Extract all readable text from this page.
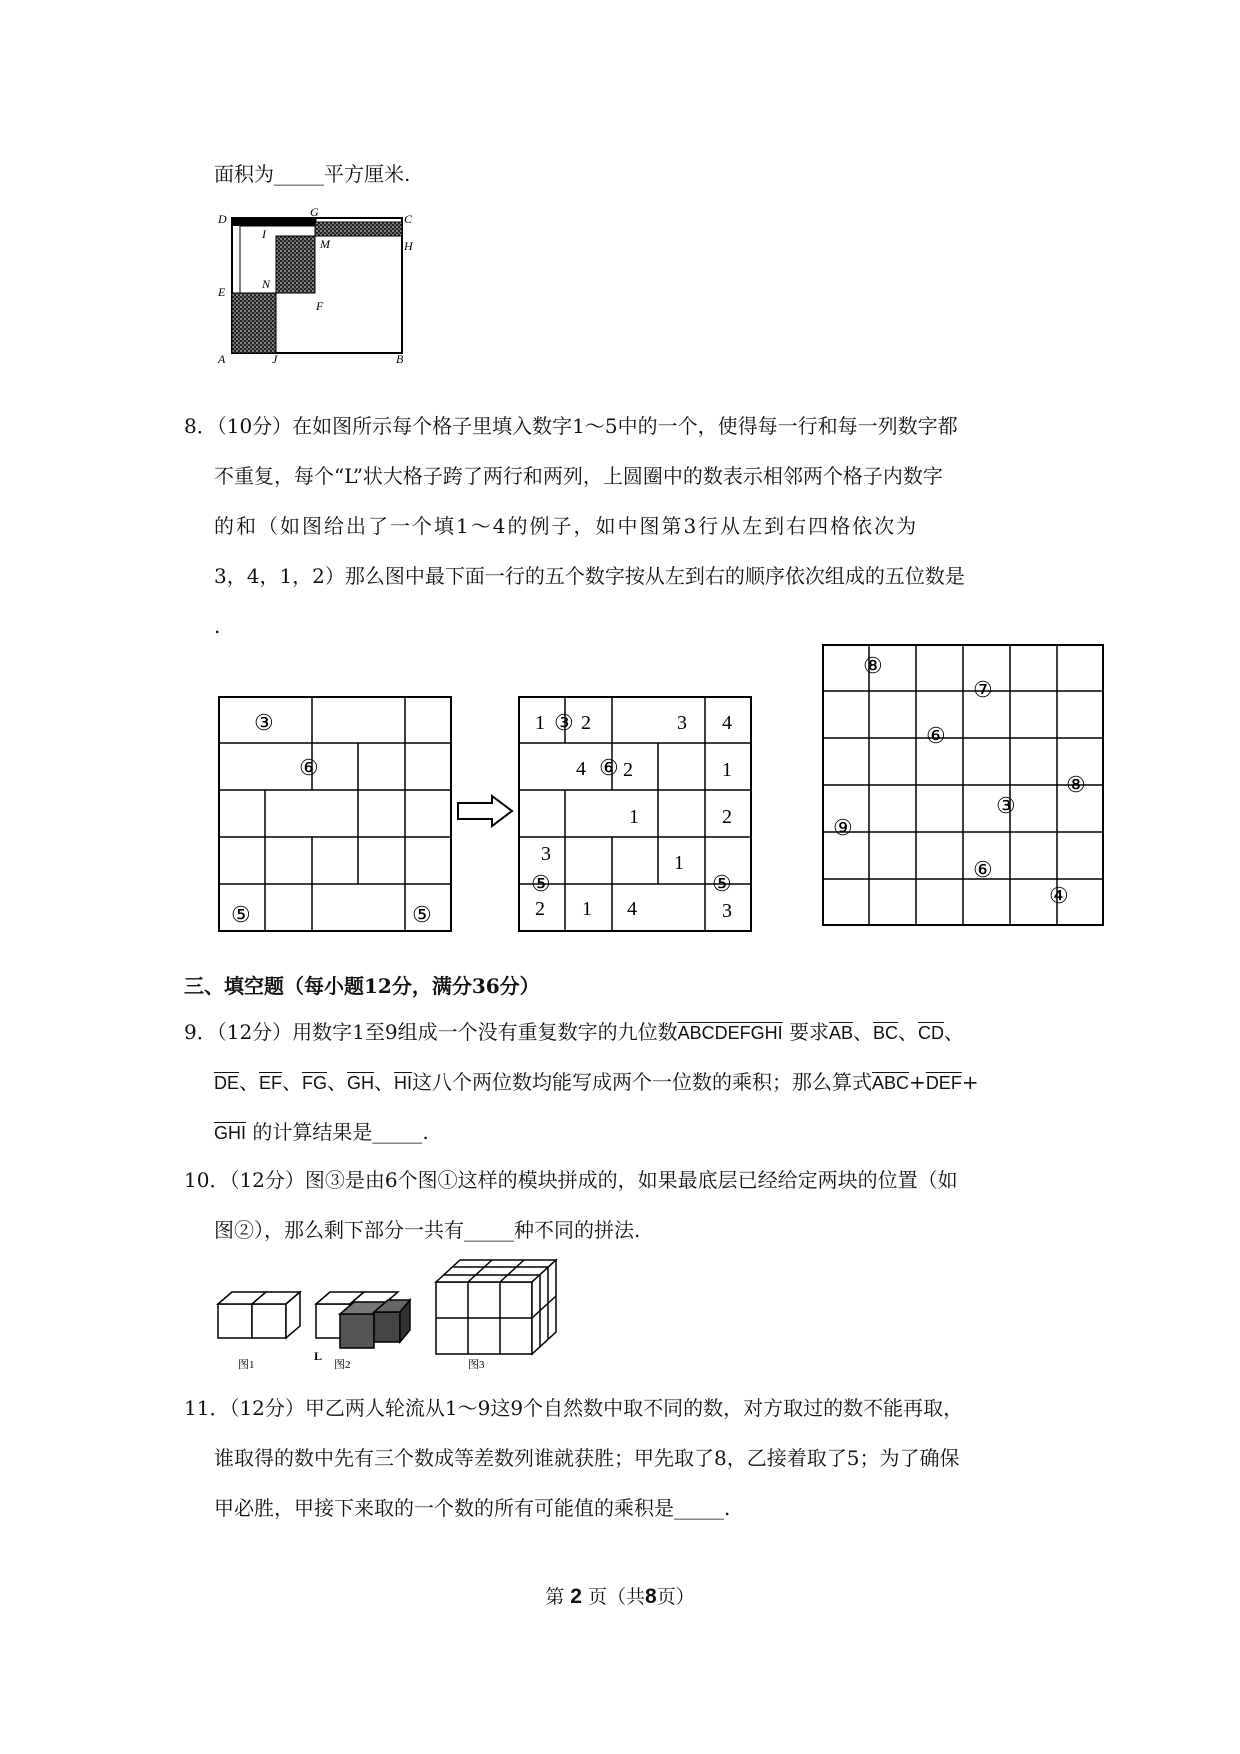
面积为_____平方厘米.
D	G	C
I
M	H
E
N
F
A	J	B
8．（10分）在如图所示每个格子里填入数字1～5中的一个，使得每一行和每一列数字都
不重复，每个“L”状大格子跨了两行和两列，上圆圈中的数表示相邻两个格子内数字
的和（如图给出了一个填1～4的例子，如中图第3行从左到右四格依次为
3，4，1，2）那么图中最下面一行的五个数字按从左到右的顺序依次组成的五位数是
.
③
⑥
⑤	⑤
1 ③ 2	3 4
4 ⑥ 2	1
1	2
3	1
⑤	⑤
2 1 4	3
⑧
⑦
⑥
⑧
③
⑨
⑥
④
三、填空题（每小题12分，满分36分）
9．（12分）用数字1至9组成一个没有重复数字的九位数ABCDEFGHI 要求$\overline{AB}$、$\overline{BC}$、$\overline{CD}$、
$\overline{DE}$、$\overline{EF}$、$\overline{FG}$、$\overline{GH}$、$\overline{HI}$这八个两位数均能写成两个一位数的乘积；那么算式$\overline{ABC}+\overline{DEF}+$
$\overline{GHI}$ 的计算结果是_____.
10．（12分）图③是由6个图①这样的模块拼成的，如果最底层已经给定两块的位置（如
图②），那么剩下部分一共有_____种不同的拼法.
图1
L
图2	图3
11．（12分）甲乙两人轮流从1～9这9个自然数中取不同的数，对方取过的数不能再取，
谁取得的数中先有三个数成等差数列谁就获胜；甲先取了8，乙接着取了5；为了确保
甲必胜，甲接下来取的一个数的所有可能值的乘积是_____.
第 2 页（共8页）
